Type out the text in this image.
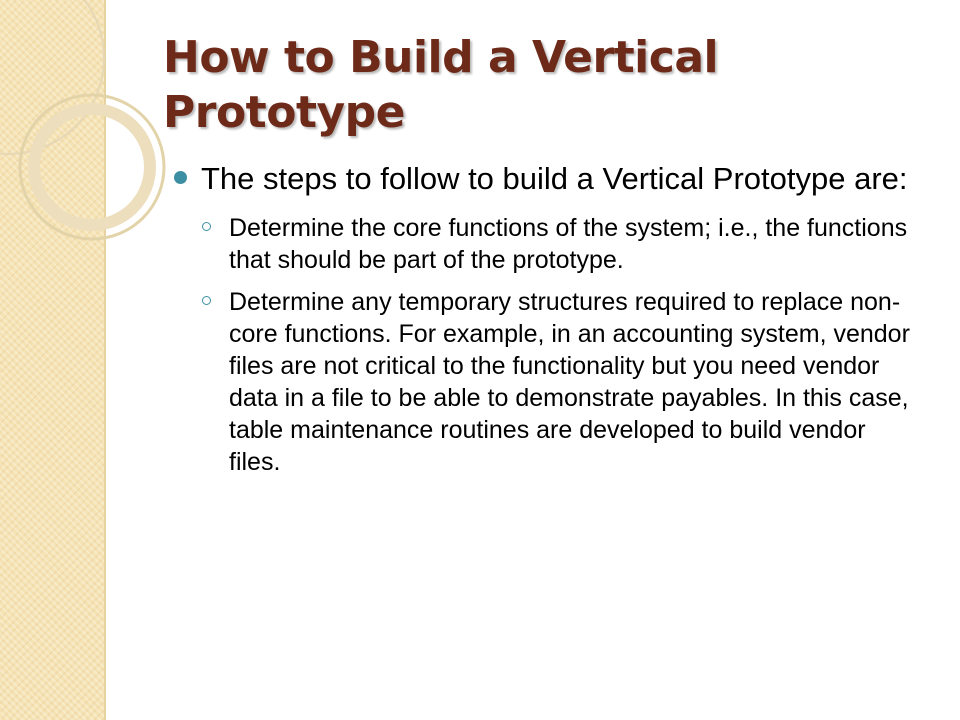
How to Build a Vertical Prototype
The steps to follow to build a Vertical Prototype are:
Determine the core functions of the system; i.e., the functions that should be part of the prototype.
Determine any temporary structures required to replace non-core functions. For example, in an accounting system, vendor files are not critical to the functionality but you need vendor data in a file to be able to demonstrate payables. In this case, table maintenance routines are developed to build vendor files.
